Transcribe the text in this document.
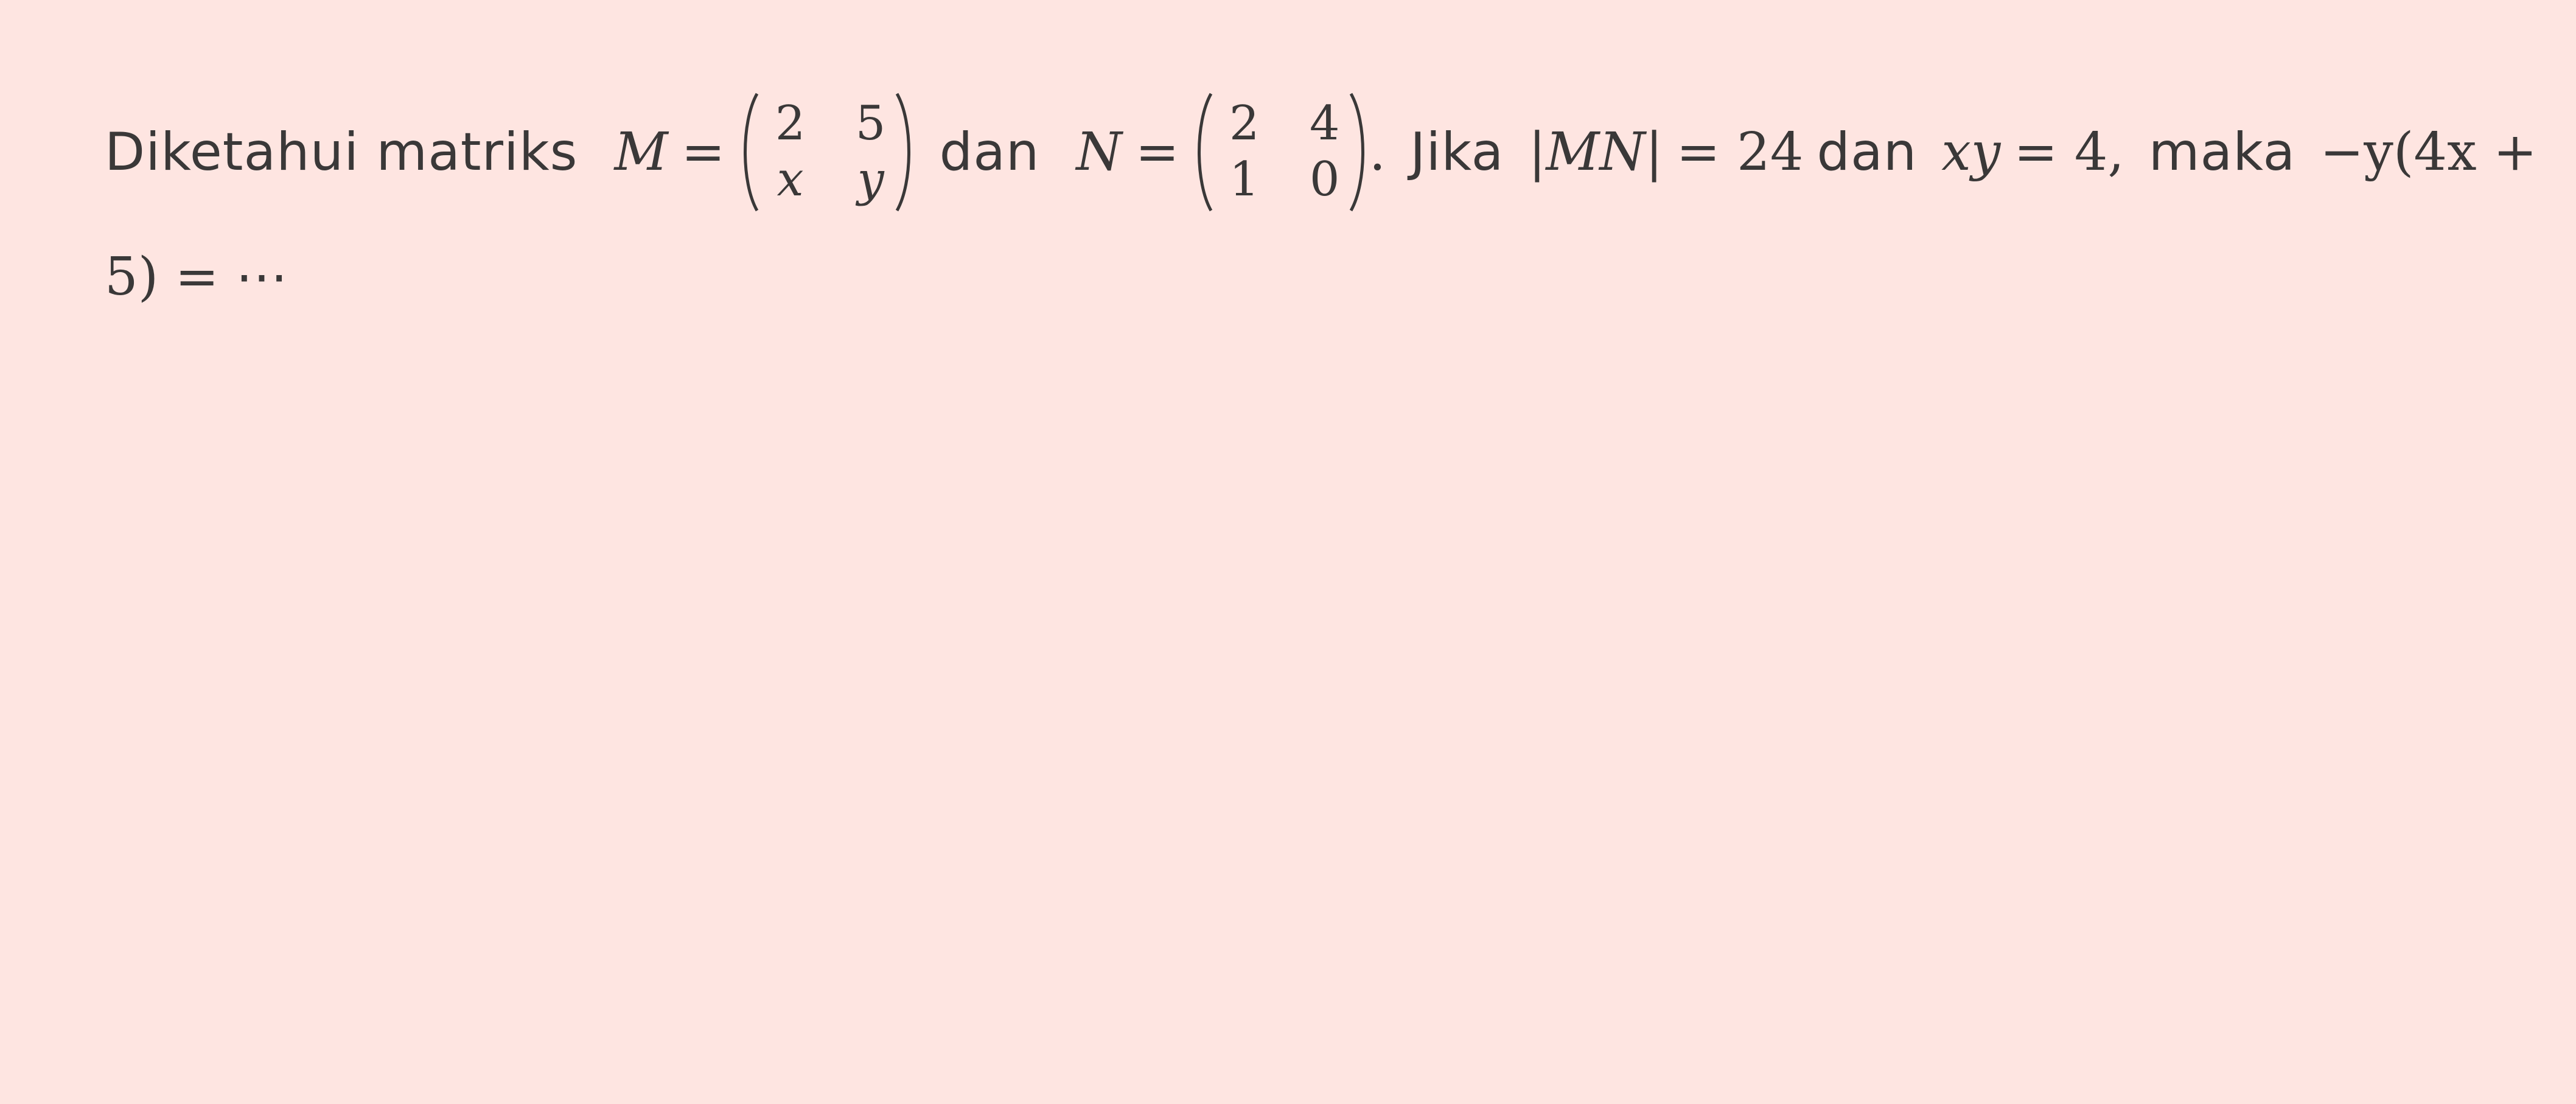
Diketahui matriks M = 2 5
x y dan N = 2 4
1 0 . Jika |MN| = 24 dan xy = 4, maka −y(4x +
5) = ⋯
